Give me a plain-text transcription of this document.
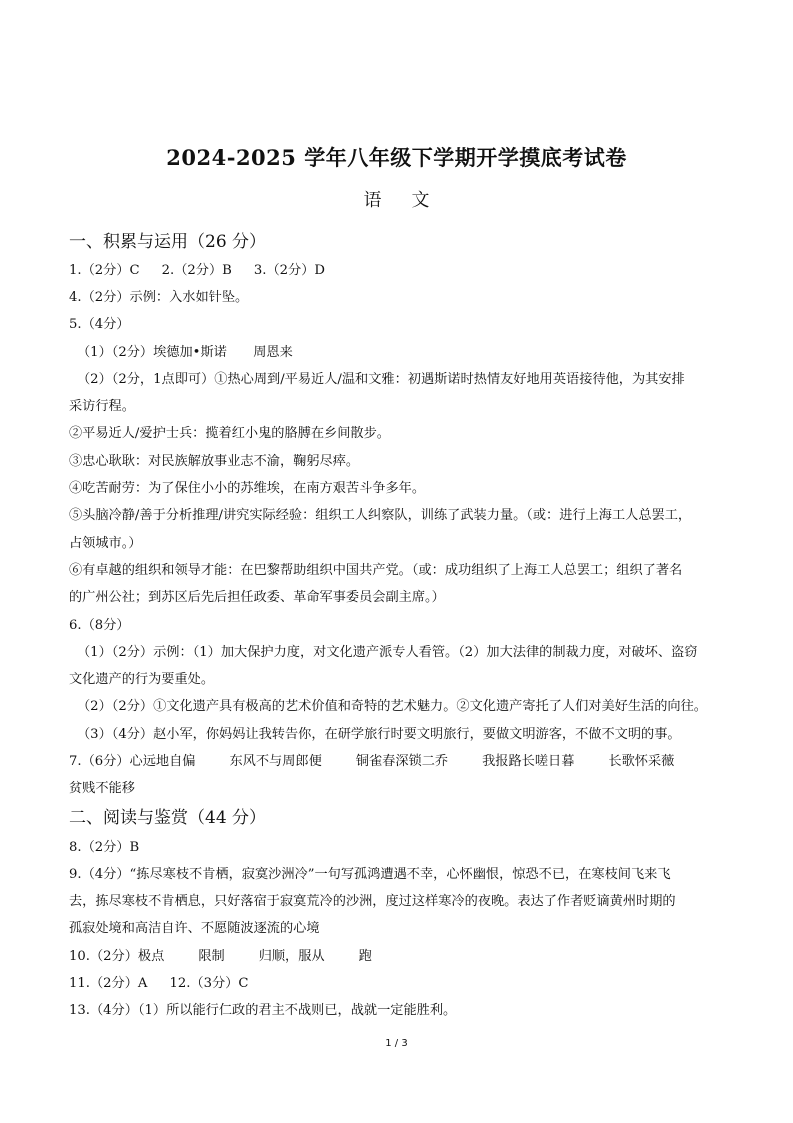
2024-2025 学年八年级下学期开学摸底考试卷
语 文
一、积累与运用（26 分）
1.（2分）C 2.（2分）B 3.（2分）D
4.（2分）示例：入水如针坠。
5.（4分）
（1）（2分）埃德加•斯诺　　周恩来
（2）（2分，1点即可）①热心周到/平易近人/温和文雅：初遇斯诺时热情友好地用英语接待他，为其安排
采访行程。
②平易近人/爱护士兵：揽着红小鬼的胳膊在乡间散步。
③忠心耿耿：对民族解放事业志不渝，鞠躬尽瘁。
④吃苦耐劳：为了保住小小的苏维埃，在南方艰苦斗争多年。
⑤头脑冷静/善于分析推理/讲究实际经验：组织工人纠察队，训练了武装力量。（或：进行上海工人总罢工，
占领城市。）
⑥有卓越的组织和领导才能：在巴黎帮助组织中国共产党。（或：成功组织了上海工人总罢工；组织了著名
的广州公社；到苏区后先后担任政委、革命军事委员会副主席。）
6.（8分）
（1）（2分）示例：（1）加大保护力度，对文化遗产派专人看管。（2）加大法律的制裁力度，对破坏、盗窃
文化遗产的行为要重处。
（2）（2分）①文化遗产具有极高的艺术价值和奇特的艺术魅力。②文化遗产寄托了人们对美好生活的向往。
（3）（4分）赵小军，你妈妈让我转告你，在研学旅行时要文明旅行，要做文明游客，不做不文明的事。
7.（6分）心远地自偏	东风不与周郎便	铜雀春深锁二乔	我报路长嗟日暮	长歌怀采薇
贫贱不能移
二、阅读与鉴赏（44 分）
8.（2分）B
9.（4分）“拣尽寒枝不肯栖，寂寞沙洲冷”一句写孤鸿遭遇不幸，心怀幽恨，惊恐不已，在寒枝间飞来飞
去，拣尽寒枝不肯栖息，只好落宿于寂寞荒冷的沙洲，度过这样寒冷的夜晚。表达了作者贬谪黄州时期的
孤寂处境和高洁自许、不愿随波逐流的心境
10.（2分）极点	限制	归顺，服从	跑
11.（2分）A 12.（3分）C
13.（4分）（1）所以能行仁政的君主不战则已，战就一定能胜利。
1 / 3
